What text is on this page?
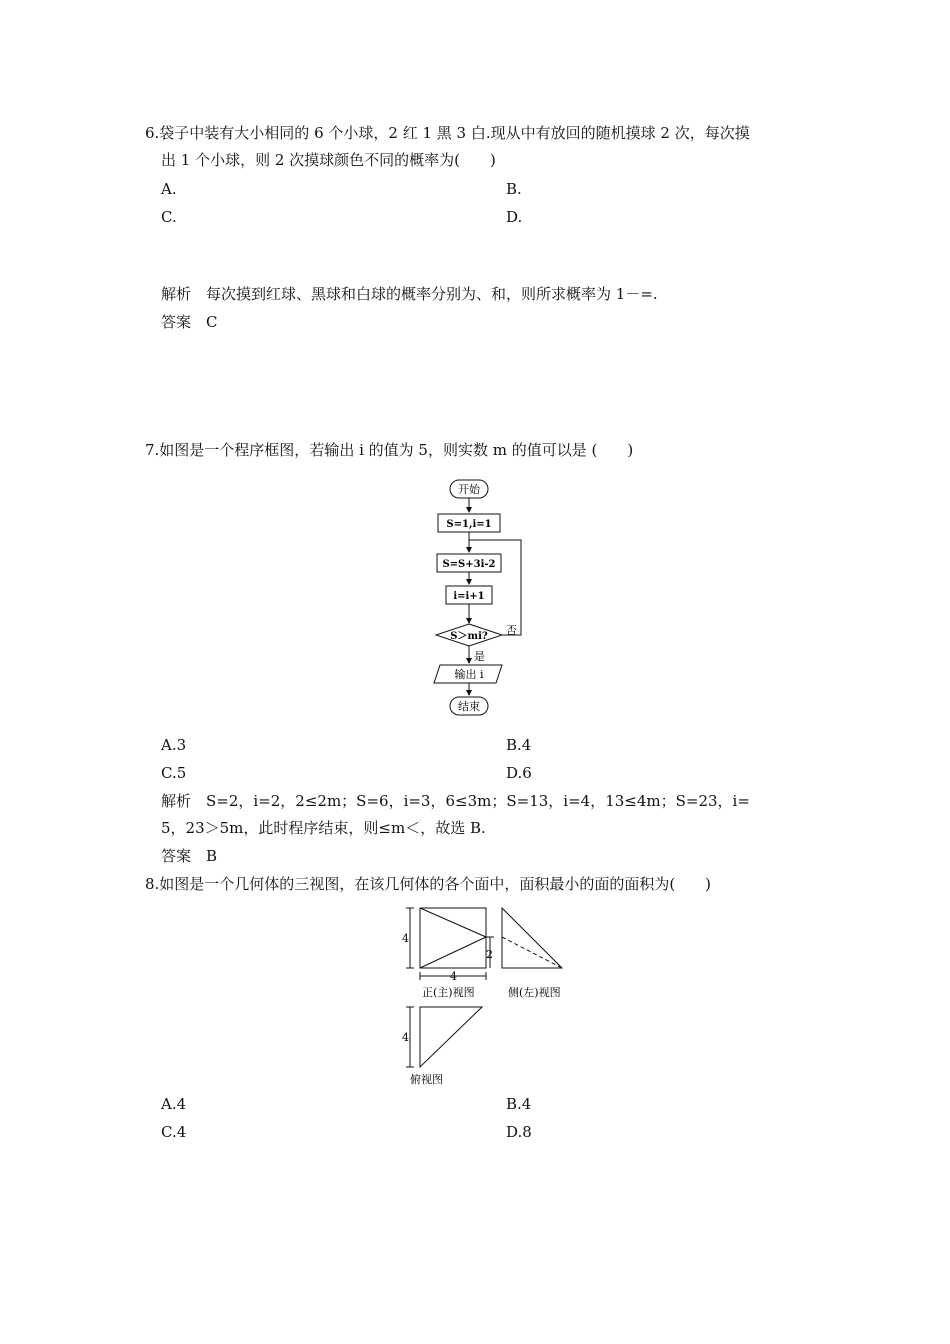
6.袋子中装有大小相同的 6 个小球，2 红 1 黑 3 白.现从中有放回的随机摸球 2 次，每次摸
出 1 个小球，则 2 次摸球颜色不同的概率为(　　)
A.	B.
C.	D.
解析　每次摸到红球、黑球和白球的概率分别为、和，则所求概率为 1－=.
答案　C
7.如图是一个程序框图，若输出 i 的值为 5，则实数 m 的值可以是 (　　)
开始
S=1,i=1
S=S+3i-2
i=i+1
S＞mi? 否
是
输出 i
结束
A.3	B.4
C.5	D.6
解析　S=2，i=2，2≤2m；S=6，i=3，6≤3m；S=13，i=4，13≤4m；S=23，i=
5，23＞5m，此时程序结束，则≤m＜，故选 B.
答案　B
8.如图是一个几何体的三视图，在该几何体的各个面中，面积最小的面的面积为(　　)
4
4
2
正(主)视图	侧(左)视图
4
俯视图
A.4	B.4
C.4	D.8
